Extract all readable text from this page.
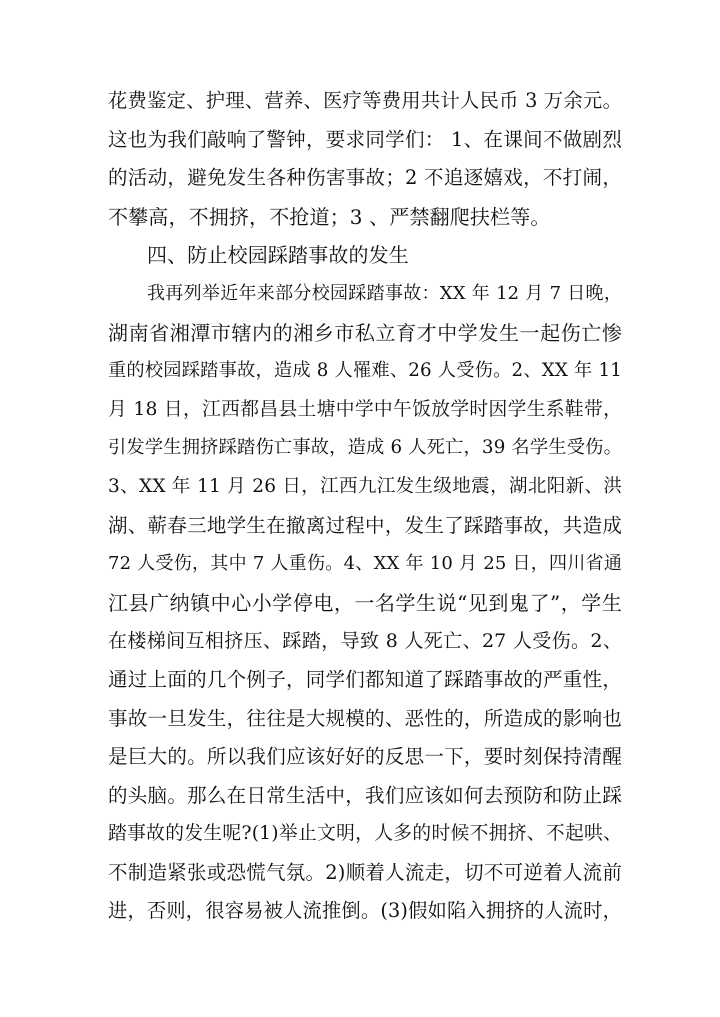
花费鉴定、护理、营养、医疗等费用共计人民币 3 万余元。
这也为我们敲响了警钟，要求同学们： 1、在课间不做剧烈
的活动，避免发生各种伤害事故；2 不追逐嬉戏，不打闹，
不攀高，不拥挤，不抢道；3 、严禁翻爬扶栏等。
四、防止校园踩踏事故的发生
我再列举近年来部分校园踩踏事故：XX 年 12 月 7 日晚，
湖南省湘潭市辖内的湘乡市私立育才中学发生一起伤亡惨
重的校园踩踏事故，造成 8 人罹难、26 人受伤。2、XX 年 11
月 18 日，江西都昌县土塘中学中午饭放学时因学生系鞋带，
引发学生拥挤踩踏伤亡事故，造成 6 人死亡，39 名学生受伤。
3、XX 年 11 月 26 日，江西九江发生级地震，湖北阳新、洪
湖、蕲春三地学生在撤离过程中，发生了踩踏事故，共造成
72 人受伤，其中 7 人重伤。4、XX 年 10 月 25 日，四川省通
江县广纳镇中心小学停电，一名学生说“见到鬼了”，学生
在楼梯间互相挤压、踩踏，导致 8 人死亡、27 人受伤。2、
通过上面的几个例子，同学们都知道了踩踏事故的严重性，
事故一旦发生，往往是大规模的、恶性的，所造成的影响也
是巨大的。所以我们应该好好的反思一下，要时刻保持清醒
的头脑。那么在日常生活中，我们应该如何去预防和防止踩
踏事故的发生呢?(1)举止文明，人多的时候不拥挤、不起哄、
不制造紧张或恐慌气氛。2)顺着人流走，切不可逆着人流前
进，否则，很容易被人流推倒。(3)假如陷入拥挤的人流时，
